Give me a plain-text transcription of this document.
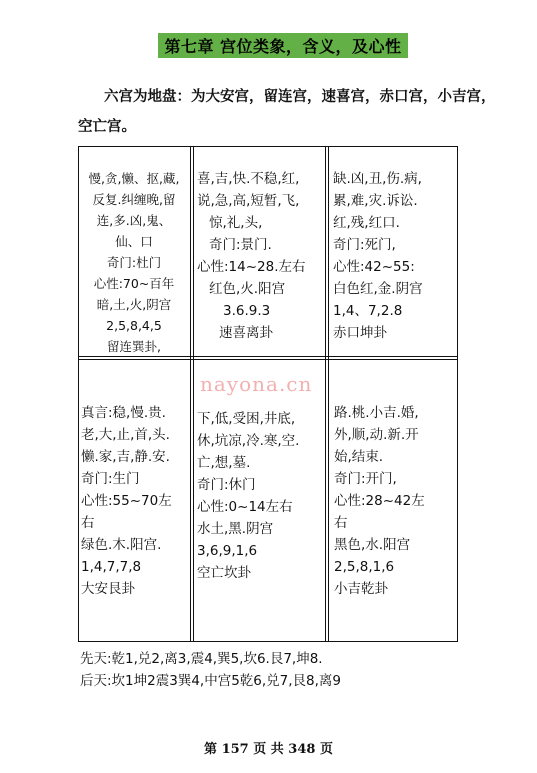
第七章 宫位类象，含义，及心性
六宫为地盘：为大安宫，留连宫，速喜宫，赤口宫，小吉宫，
空亡宫。
慢,贪,懒、抠,藏,
反复.纠缠晚,留
连,多.凶,鬼、
仙、口
奇门:杜门
心性:70~百年
暗,土,火,阴宫
2,5,8,4,5
留连巽卦,
喜,吉,快.不稳,红,
说,急,高,短暂,飞,
惊,礼,头,
奇门:景门.
心性:14~28.左右
红色,火.阳宫
3.6.9.3
速喜离卦
缺.凶,丑,伤.病,
累,难,灾.诉讼.
红,残,红口.
奇门:死门,
心性:42~55:
白色红,金.阴宫
1,4、7,2.8
赤口坤卦
真言:稳,慢.贵.
老,大,止,首,头.
懒.家,吉,静.安.
奇门:生门
心性:55~70左
右
绿色.木.阳宫.
1,4,7,7,8
大安艮卦
下,低,受困,井底,
休,坑凉,冷.寒,空.
亡,想,墓.
奇门:休门
心性:0~14左右
水土,黑.阴宫
3,6,9,1,6
空亡坎卦
路.桃.小吉.婚,
外,顺,动.新.开
始,结束.
奇门:开门,
心性:28~42左
右
黑色,水.阳宫
2,5,8,1,6
小吉乾卦
nayona.cn
先天:乾1,兑2,离3,震4,巽5,坎6.艮7,坤8.
后天:坎1坤2震3巽4,中宫5乾6,兑7,艮8,离9
第 157 页 共 348 页
